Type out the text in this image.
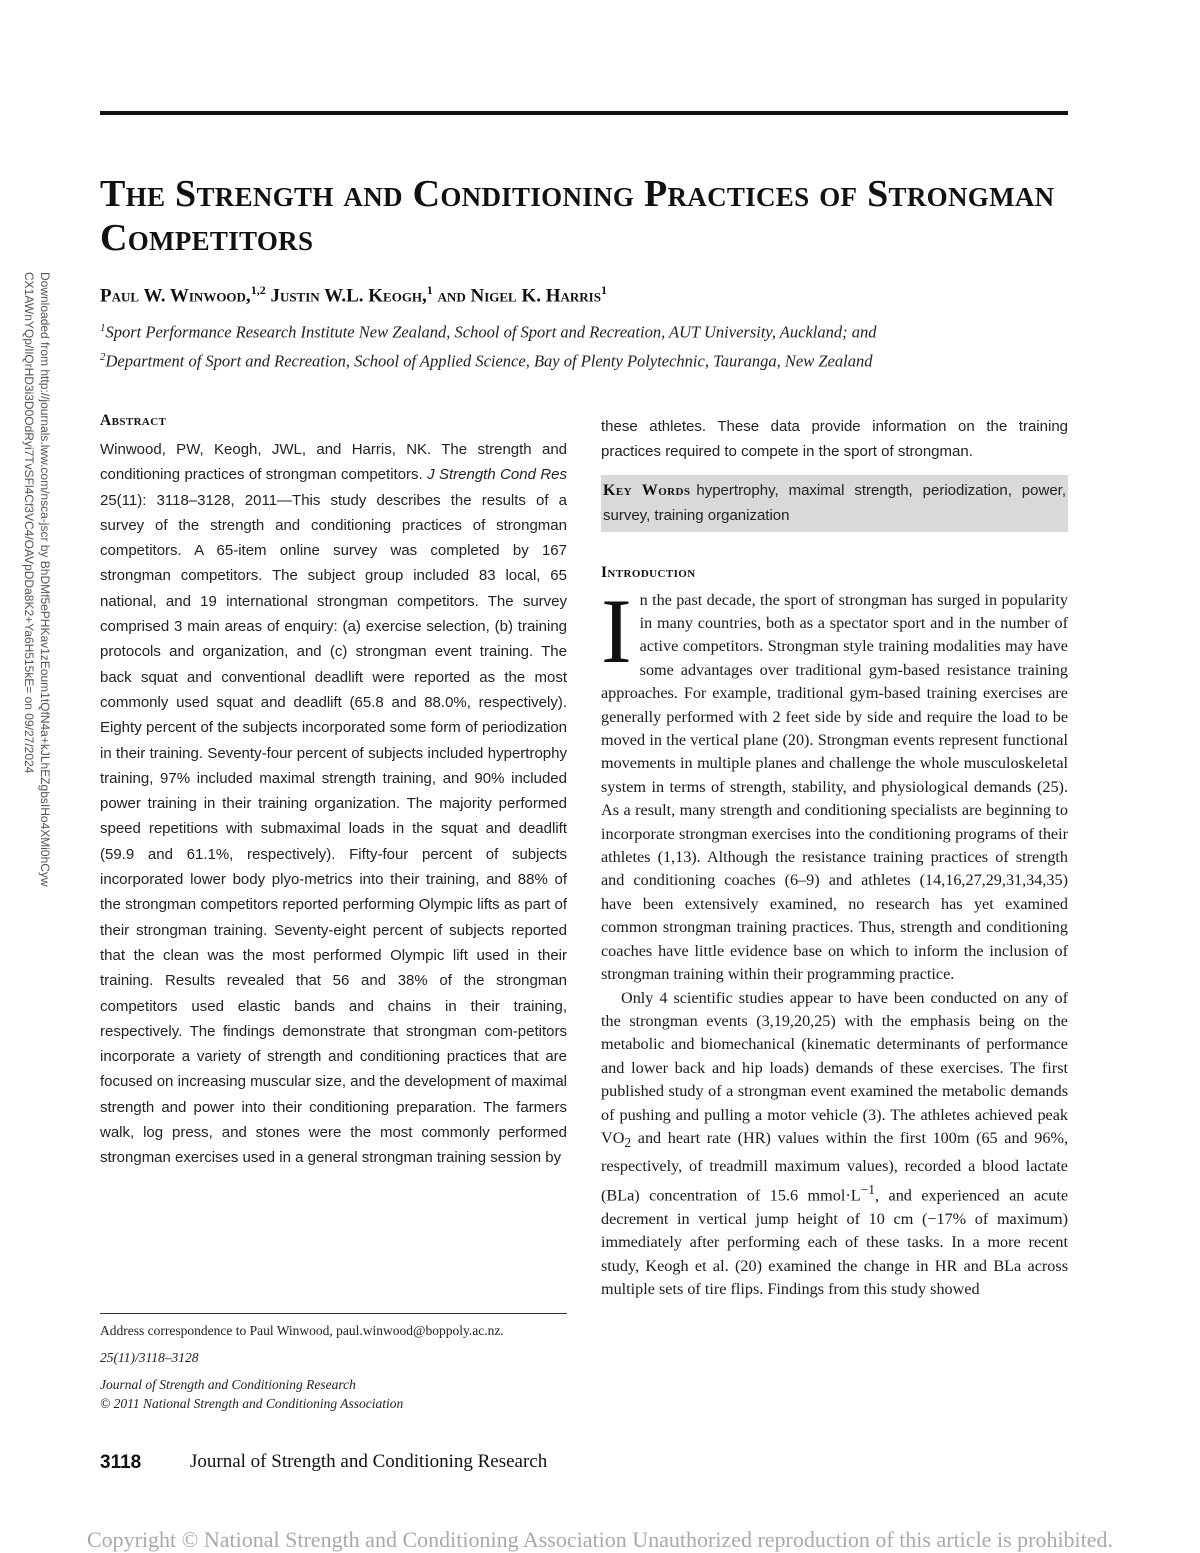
The Strength and Conditioning Practices of Strongman Competitors
Paul W. Winwood,$^{1,2}$ Justin W.L. Keogh,$^1$ and Nigel K. Harris$^1$
$^1$Sport Performance Research Institute New Zealand, School of Sport and Recreation, AUT University, Auckland; and
$^2$Department of Sport and Recreation, School of Applied Science, Bay of Plenty Polytechnic, Tauranga, New Zealand
Downloaded from http://journals.lww.com/nsca-jscr by BhDMf5ePHKav1zEoum1tQfN4a+kJLhEZgbsIHo4XMi0hCyw
CX1AWnYQp/IlQrHD3i3D0OdRyi7TvSFl4Cf3VC4/OAVpDDa8K2+Ya6H515kE= on 09/27/2024	Abstract

Winwood, PW, Keogh, JWL, and Harris, NK. The strength and conditioning practices of strongman competitors. J Strength Cond Res 25(11): 3118–3128, 2011—This study describes the results of a survey of the strength and conditioning practices of strongman competitors. A 65-item online survey was completed by 167 strongman competitors. The subject group included 83 local, 65 national, and 19 international strongman competitors. The survey comprised 3 main areas of enquiry: (a) exercise selection, (b) training protocols and organization, and (c) strongman event training. The back squat and conventional deadlift were reported as the most commonly used squat and deadlift (65.8 and 88.0%, respectively). Eighty percent of the subjects incorporated some form of periodization in their training. Seventy-four percent of subjects included hypertrophy training, 97% included maximal strength training, and 90% included power training in their training organization. The majority performed speed repetitions with submaximal loads in the squat and deadlift (59.9 and 61.1%, respectively). Fifty-four percent of subjects incorporated lower body plyo-metrics into their training, and 88% of the strongman competitors reported performing Olympic lifts as part of their strongman training. Seventy-eight percent of subjects reported that the clean was the most performed Olympic lift used in their training. Results revealed that 56 and 38% of the strongman competitors used elastic bands and chains in their training, respectively. The findings demonstrate that strongman com-petitors incorporate a variety of strength and conditioning practices that are focused on increasing muscular size, and the development of maximal strength and power into their conditioning preparation. The farmers walk, log press, and stones were the most commonly performed strongman exercises used in a general strongman training session by

these athletes. These data provide information on the training practices required to compete in the sport of strongman.

Key Words hypertrophy, maximal strength, periodization, power, survey, training organization
Introduction

In the past decade, the sport of strongman has surged in popularity in many countries, both as a spectator sport and in the number of active competitors. Strongman style training modalities may have some advantages over traditional gym-based resistance training approaches. For example, traditional gym-based training exercises are generally performed with 2 feet side by side and require the load to be moved in the vertical plane (20). Strongman events represent functional movements in multiple planes and challenge the whole musculoskeletal system in terms of strength, stability, and physiological demands (25). As a result, many strength and conditioning specialists are beginning to incorporate strongman exercises into the conditioning programs of their athletes (1,13). Although the resistance training practices of strength and conditioning coaches (6–9) and athletes (14,16,27,29,31,34,35) have been extensively examined, no research has yet examined common strongman training practices. Thus, strength and conditioning coaches have little evidence base on which to inform the inclusion of strongman training within their programming practice.

Only 4 scientific studies appear to have been conducted on any of the strongman events (3,19,20,25) with the emphasis being on the metabolic and biomechanical (kinematic determinants of performance and lower back and hip loads) demands of these exercises. The first published study of a strongman event examined the metabolic demands of pushing and pulling a motor vehicle (3). The athletes achieved peak $VO_2$ and heart rate (HR) values within the first 100m (65 and 96%, respectively, of treadmill maximum values), recorded a blood lactate (BLa) concentration of 15.6 $mmol\cdot L^{-1}$, and experienced an acute decrement in vertical jump height of 10 cm (−17% of maximum) immediately after performing each of these tasks. In a more recent study, Keogh et al. (20) examined the change in HR and BLa across multiple sets of tire flips. Findings from this study showed

Address correspondence to Paul Winwood, paul.winwood@boppoly.ac.nz.
25(11)/3118–3128
Journal of Strength and Conditioning Research
© 2011 National Strength and Conditioning Association
3118	Journal of Strength and Conditioning Research
Copyright © National Strength and Conditioning Association Unauthorized reproduction of this article is prohibited.
